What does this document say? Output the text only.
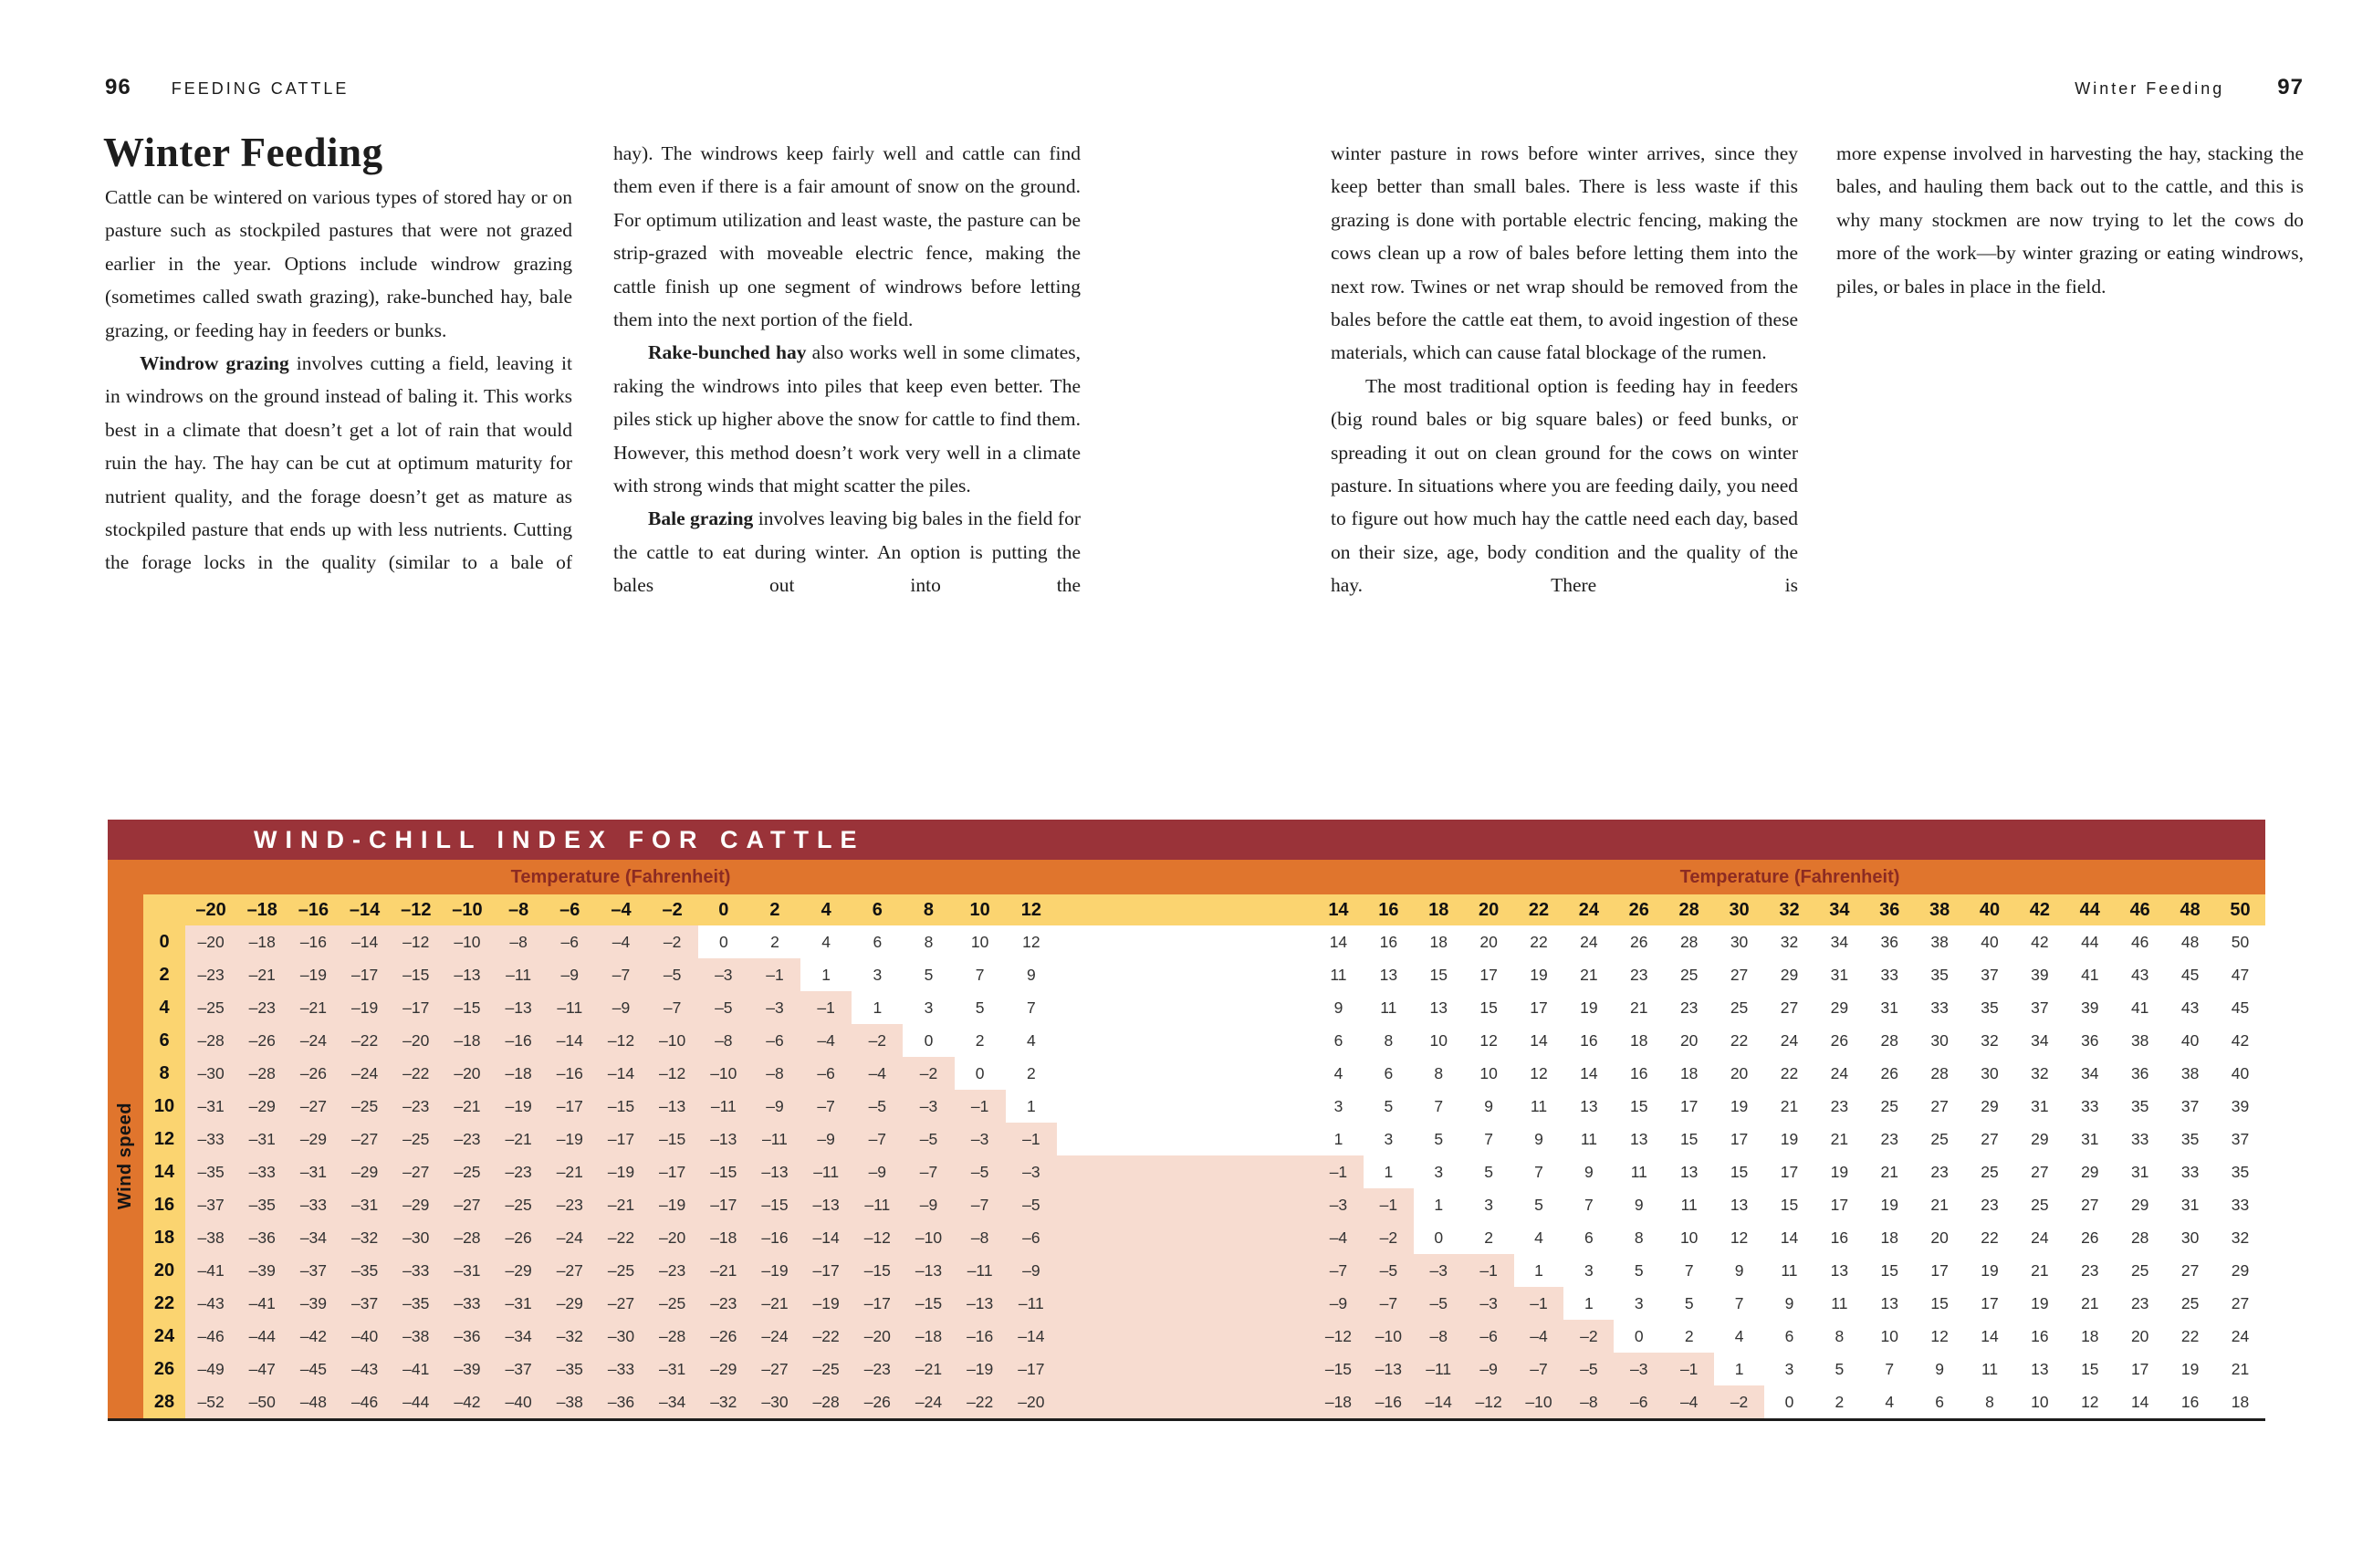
96 FEEDING CATTLE	Winter Feeding 97
Winter Feeding

Cattle can be wintered on various types of stored hay or on pasture such as stockpiled pastures that were not grazed earlier in the year. Options include windrow grazing (sometimes called swath grazing), rake-bunched hay, bale grazing, or feeding hay in feeders or bunks.

Windrow grazing involves cutting a field, leaving it in windrows on the ground instead of baling it. This works best in a climate that doesn’t get a lot of rain that would ruin the hay. The hay can be cut at optimum maturity for nutrient quality, and the forage doesn’t get as mature as stockpiled pasture that ends up with less nutrients. Cutting the forage locks in the quality (similar to a bale of

hay). The windrows keep fairly well and cattle can find them even if there is a fair amount of snow on the ground. For optimum utilization and least waste, the pasture can be strip-grazed with moveable electric fence, making the cattle finish up one segment of windrows before letting them into the next portion of the field.

Rake-bunched hay also works well in some climates, raking the windrows into piles that keep even better. The piles stick up higher above the snow for cattle to find them. However, this method doesn’t work very well in a climate with strong winds that might scatter the piles.

Bale grazing involves leaving big bales in the field for the cattle to eat during winter. An option is putting the bales out into the

winter pasture in rows before winter arrives, since they keep better than small bales. There is less waste if this grazing is done with portable electric fencing, making the cows clean up a row of bales before letting them into the next row. Twines or net wrap should be removed from the bales before the cattle eat them, to avoid ingestion of these materials, which can cause fatal blockage of the rumen.

The most traditional option is feeding hay in feeders (big round bales or big square bales) or feed bunks, or spreading it out on clean ground for the cows on winter pasture. In situations where you are feeding daily, you need to figure out how much hay the cattle need each day, based on their size, age, body condition and the quality of the hay. There is

more expense involved in harvesting the hay, stacking the bales, and hauling them back out to the cattle, and this is why many stockmen are now trying to let the cows do more of the work—by winter grazing or eating windrows, piles, or bales in place in the field.

WIND-CHILL INDEX FOR CATTLE
Temperature (Fahrenheit)	Temperature (Fahrenheit)
Wind speed
–20	–18	–16	–14	–12	–10	–8	–6	–4	–2	0	2	4	6	8	10	12	14	16	18	20	22	24	26	28	30	32	34	36	38	40	42	44	46	48	50
0	–20	–18	–16	–14	–12	–10	–8	–6	–4	–2	0	2	4	6	8	10	12	14	16	18	20	22	24	26	28	30	32	34	36	38	40	42	44	46	48	50
2	–23	–21	–19	–17	–15	–13	–11	–9	–7	–5	–3	–1	1	3	5	7	9	11	13	15	17	19	21	23	25	27	29	31	33	35	37	39	41	43	45	47
4	–25	–23	–21	–19	–17	–15	–13	–11	–9	–7	–5	–3	–1	1	3	5	7	9	11	13	15	17	19	21	23	25	27	29	31	33	35	37	39	41	43	45
6	–28	–26	–24	–22	–20	–18	–16	–14	–12	–10	–8	–6	–4	–2	0	2	4	6	8	10	12	14	16	18	20	22	24	26	28	30	32	34	36	38	40	42
8	–30	–28	–26	–24	–22	–20	–18	–16	–14	–12	–10	–8	–6	–4	–2	0	2	4	6	8	10	12	14	16	18	20	22	24	26	28	30	32	34	36	38	40
10	–31	–29	–27	–25	–23	–21	–19	–17	–15	–13	–11	–9	–7	–5	–3	–1	1	3	5	7	9	11	13	15	17	19	21	23	25	27	29	31	33	35	37	39
12	–33	–31	–29	–27	–25	–23	–21	–19	–17	–15	–13	–11	–9	–7	–5	–3	–1	1	3	5	7	9	11	13	15	17	19	21	23	25	27	29	31	33	35	37
14	–35	–33	–31	–29	–27	–25	–23	–21	–19	–17	–15	–13	–11	–9	–7	–5	–3	–1	1	3	5	7	9	11	13	15	17	19	21	23	25	27	29	31	33	35
16	–37	–35	–33	–31	–29	–27	–25	–23	–21	–19	–17	–15	–13	–11	–9	–7	–5	–3	–1	1	3	5	7	9	11	13	15	17	19	21	23	25	27	29	31	33
18	–38	–36	–34	–32	–30	–28	–26	–24	–22	–20	–18	–16	–14	–12	–10	–8	–6	–4	–2	0	2	4	6	8	10	12	14	16	18	20	22	24	26	28	30	32
20	–41	–39	–37	–35	–33	–31	–29	–27	–25	–23	–21	–19	–17	–15	–13	–11	–9	–7	–5	–3	–1	1	3	5	7	9	11	13	15	17	19	21	23	25	27	29
22	–43	–41	–39	–37	–35	–33	–31	–29	–27	–25	–23	–21	–19	–17	–15	–13	–11	–9	–7	–5	–3	–1	1	3	5	7	9	11	13	15	17	19	21	23	25	27
24	–46	–44	–42	–40	–38	–36	–34	–32	–30	–28	–26	–24	–22	–20	–18	–16	–14	–12	–10	–8	–6	–4	–2	0	2	4	6	8	10	12	14	16	18	20	22	24
26	–49	–47	–45	–43	–41	–39	–37	–35	–33	–31	–29	–27	–25	–23	–21	–19	–17	–15	–13	–11	–9	–7	–5	–3	–1	1	3	5	7	9	11	13	15	17	19	21
28	–52	–50	–48	–46	–44	–42	–40	–38	–36	–34	–32	–30	–28	–26	–24	–22	–20	–18	–16	–14	–12	–10	–8	–6	–4	–2	0	2	4	6	8	10	12	14	16	18
